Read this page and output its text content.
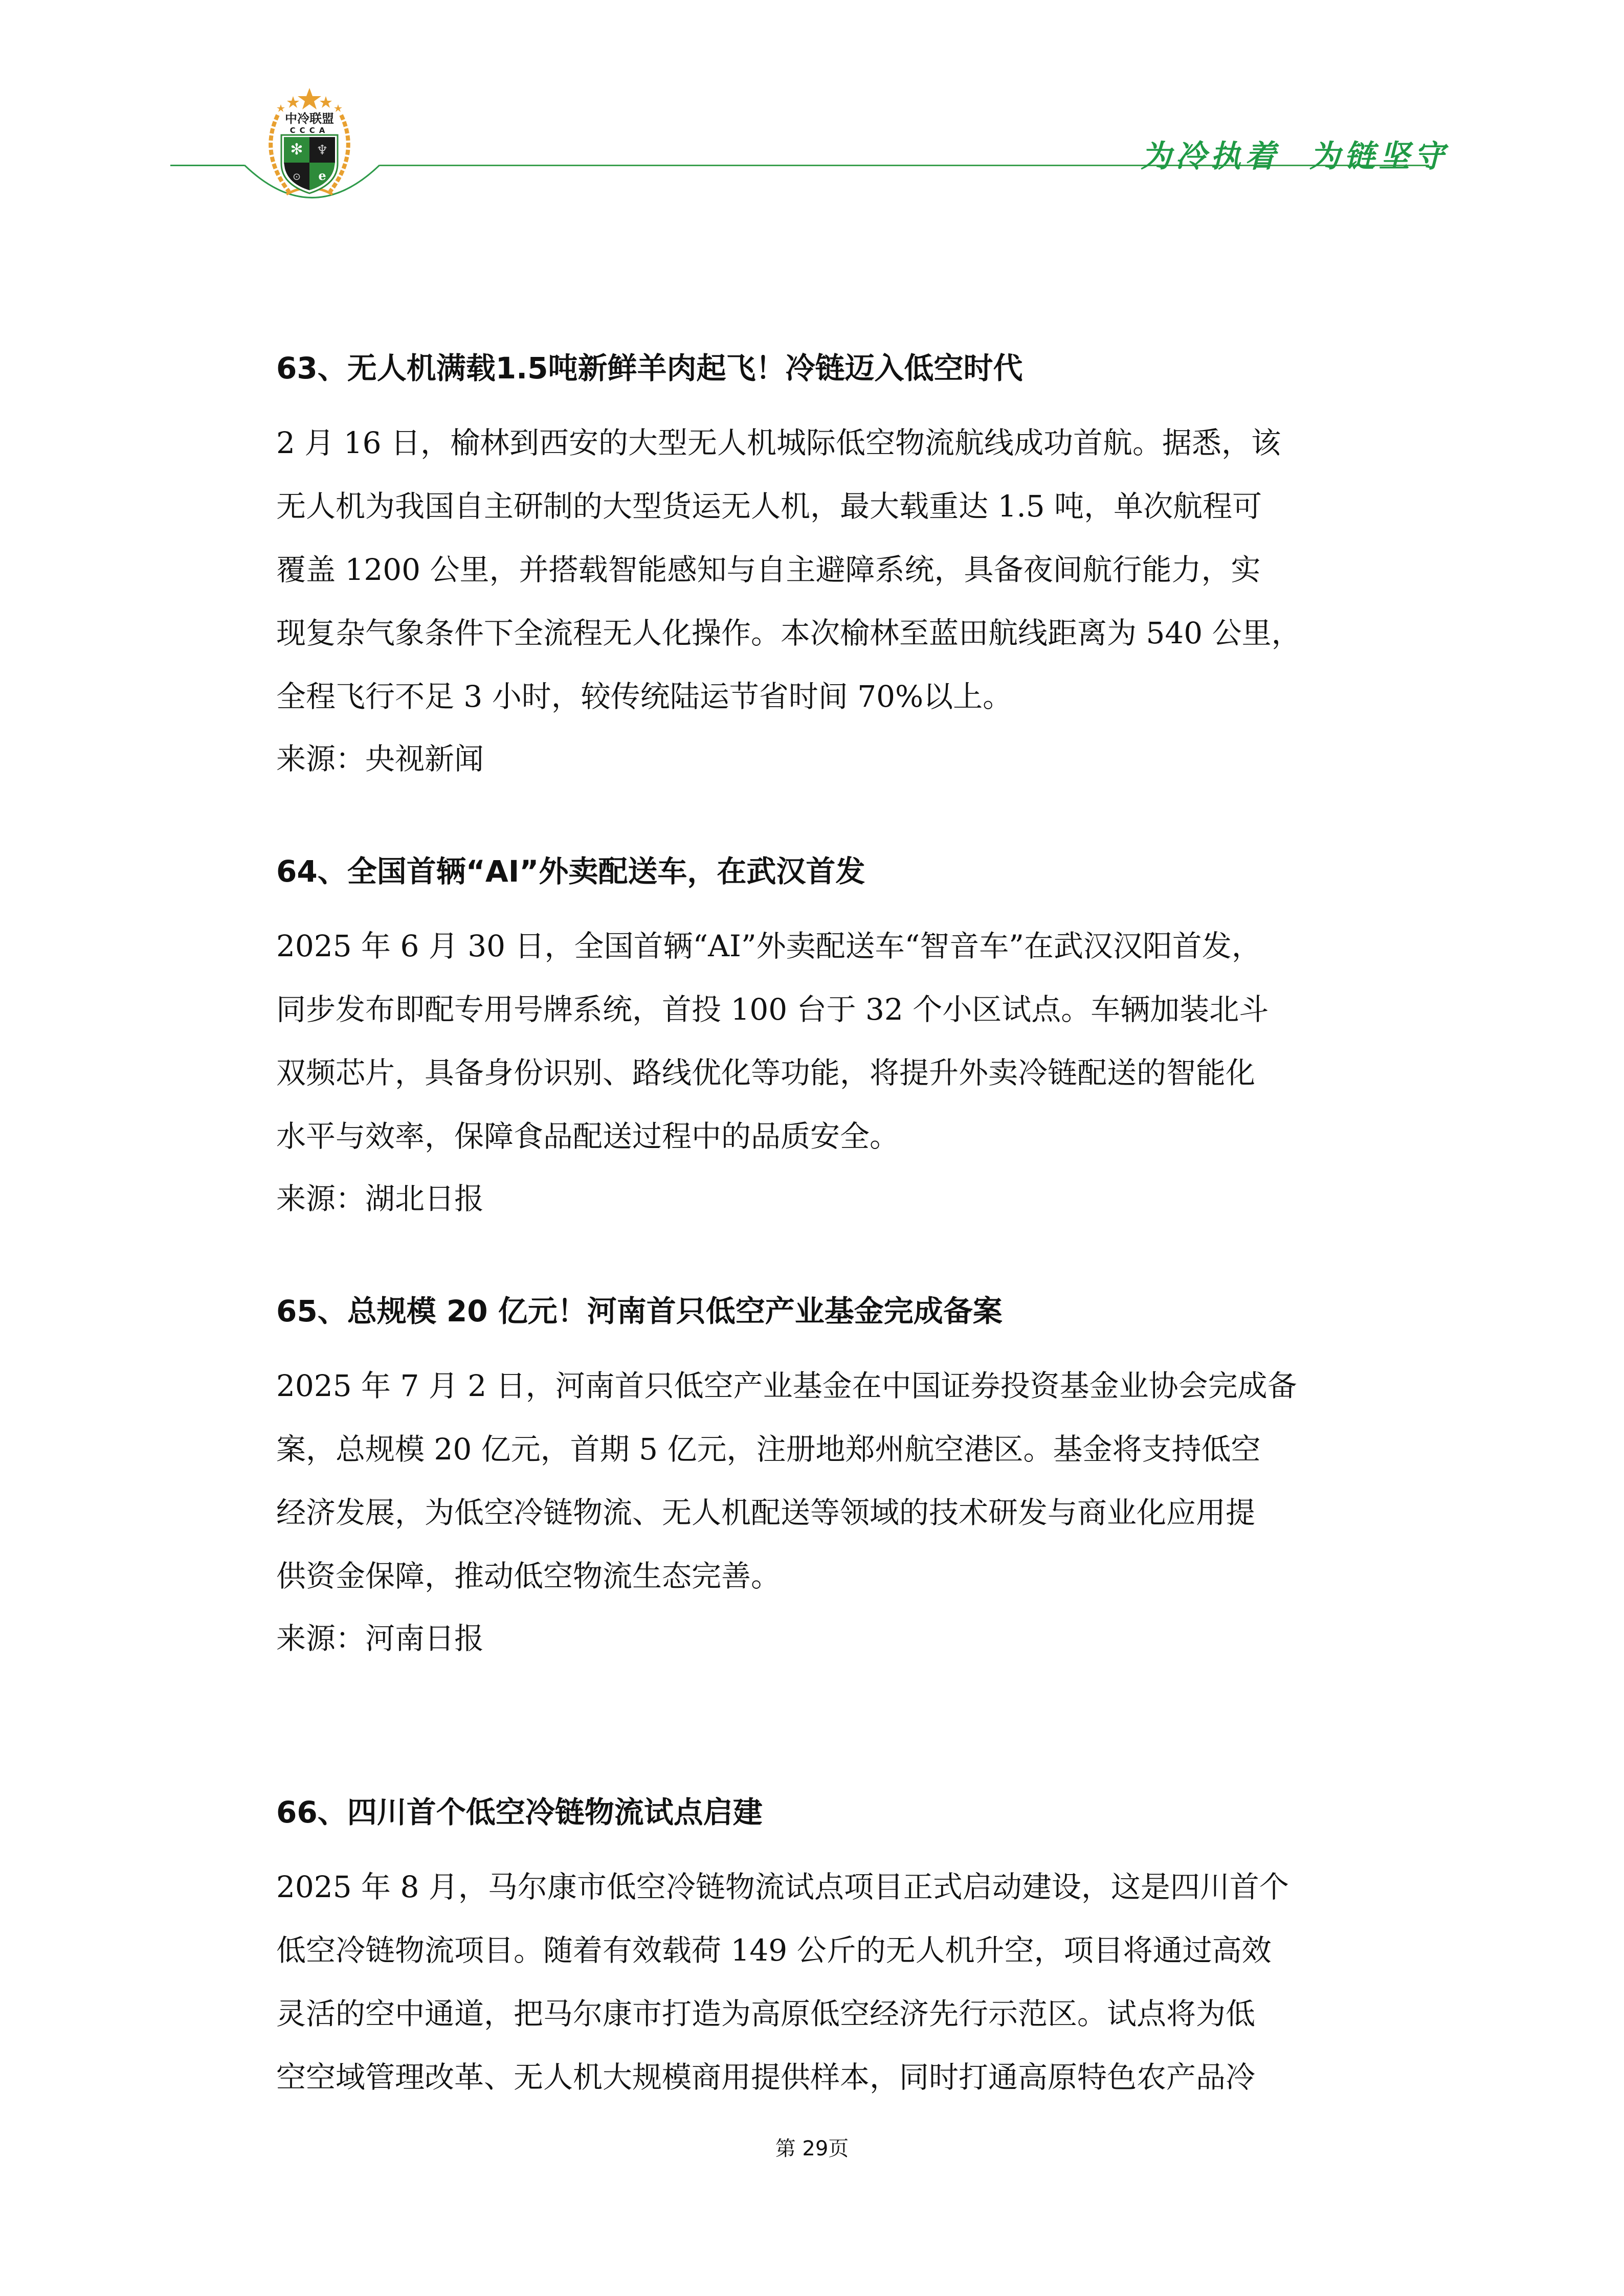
中冷联盟
CCCA
✻ ♆
⊙ e
为冷执着  为链坚守
63、无人机满载1.5吨新鲜羊肉起飞！冷链迈入低空时代

2 月 16 日，榆林到西安的大型无人机城际低空物流航线成功首航。据悉，该
无人机为我国自主研制的大型货运无人机，最大载重达 1.5 吨，单次航程可
覆盖 1200 公里，并搭载智能感知与自主避障系统，具备夜间航行能力，实
现复杂气象条件下全流程无人化操作。本次榆林至蓝田航线距离为 540 公里，
全程飞行不足 3 小时，较传统陆运节省时间 70%以上。

来源：央视新闻
64、全国首辆“AI”外卖配送车，在武汉首发

2025 年 6 月 30 日，全国首辆“AI”外卖配送车“智音车”在武汉汉阳首发，
同步发布即配专用号牌系统，首投 100 台于 32 个小区试点。车辆加装北斗
双频芯片，具备身份识别、路线优化等功能，将提升外卖冷链配送的智能化
水平与效率，保障食品配送过程中的品质安全。

来源：湖北日报
65、总规模 20 亿元！河南首只低空产业基金完成备案

2025 年 7 月 2 日，河南首只低空产业基金在中国证券投资基金业协会完成备
案，总规模 20 亿元，首期 5 亿元，注册地郑州航空港区。基金将支持低空
经济发展，为低空冷链物流、无人机配送等领域的技术研发与商业化应用提
供资金保障，推动低空物流生态完善。

来源：河南日报
66、四川首个低空冷链物流试点启建

2025 年 8 月，马尔康市低空冷链物流试点项目正式启动建设，这是四川首个
低空冷链物流项目。随着有效载荷 149 公斤的无人机升空，项目将通过高效
灵活的空中通道，把马尔康市打造为高原低空经济先行示范区。试点将为低
空空域管理改革、无人机大规模商用提供样本，同时打通高原特色农产品冷

第 29页
